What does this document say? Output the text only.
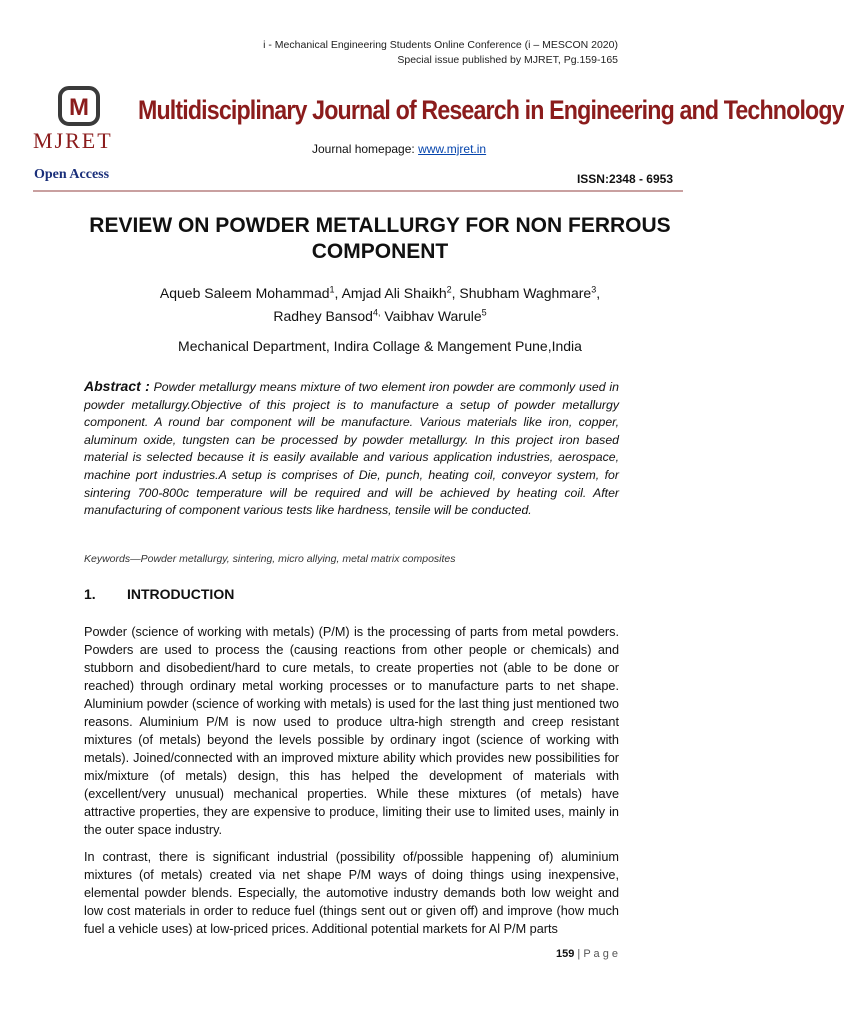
i - Mechanical Engineering Students Online Conference (i – MESCON 2020)
Special issue published by MJRET, Pg.159-165
M
MJRET
Multidisciplinary Journal of Research in Engineering and Technology
Journal homepage: www.mjret.in
Open Access	ISSN:2348 - 6953
REVIEW ON POWDER METALLURGY FOR NON FERROUS COMPONENT
Aqueb Saleem Mohammad$^1$, Amjad Ali Shaikh$^2$, Shubham Waghmare$^3$,
Radhey Bansod$^{4,}$ Vaibhav Warule$^5$
Mechanical Department, Indira Collage & Mangement Pune,India
Abstract : Powder metallurgy means mixture of two element iron powder are commonly used in powder metallurgy.Objective of this project is to manufacture a setup of powder metallurgy component. A round bar component will be manufacture. Various materials like iron, copper, aluminum oxide, tungsten can be processed by powder metallurgy. In this project iron based material is selected because it is easily available and various application industries, aerospace, machine port industries.A setup is comprises of Die, punch, heating coil, conveyor system, for sintering 700-800c temperature will be required and will be achieved by heating coil. After manufacturing of component various tests like hardness, tensile will be conducted.
Keywords—Powder metallurgy, sintering, micro allying, metal matrix composites
1. INTRODUCTION
Powder (science of working with metals) (P/M) is the processing of parts from metal powders. Powders are used to process the (causing reactions from other people or chemicals) and stubborn and disobedient/hard to cure metals, to create properties not (able to be done or reached) through ordinary metal working processes or to manufacture parts to net shape. Aluminium powder (science of working with metals) is used for the last thing just mentioned two reasons. Aluminium P/M is now used to produce ultra-high strength and creep resistant mixtures (of metals) beyond the levels possible by ordinary ingot (science of working with metals). Joined/connected with an improved mixture ability which provides new possibilities for mix/mixture (of metals) design, this has helped the development of materials with (excellent/very unusual) mechanical properties. While these mixtures (of metals) have attractive properties, they are expensive to produce, limiting their use to limited uses, mainly in the outer space industry.
In contrast, there is significant industrial (possibility of/possible happening of) aluminium mixtures (of metals) created via net shape P/M ways of doing things using inexpensive, elemental powder blends. Especially, the automotive industry demands both low weight and low cost materials in order to reduce fuel (things sent out or given off) and improve (how much fuel a vehicle uses) at low-priced prices. Additional potential markets for Al P/M parts
159 | P a g e
